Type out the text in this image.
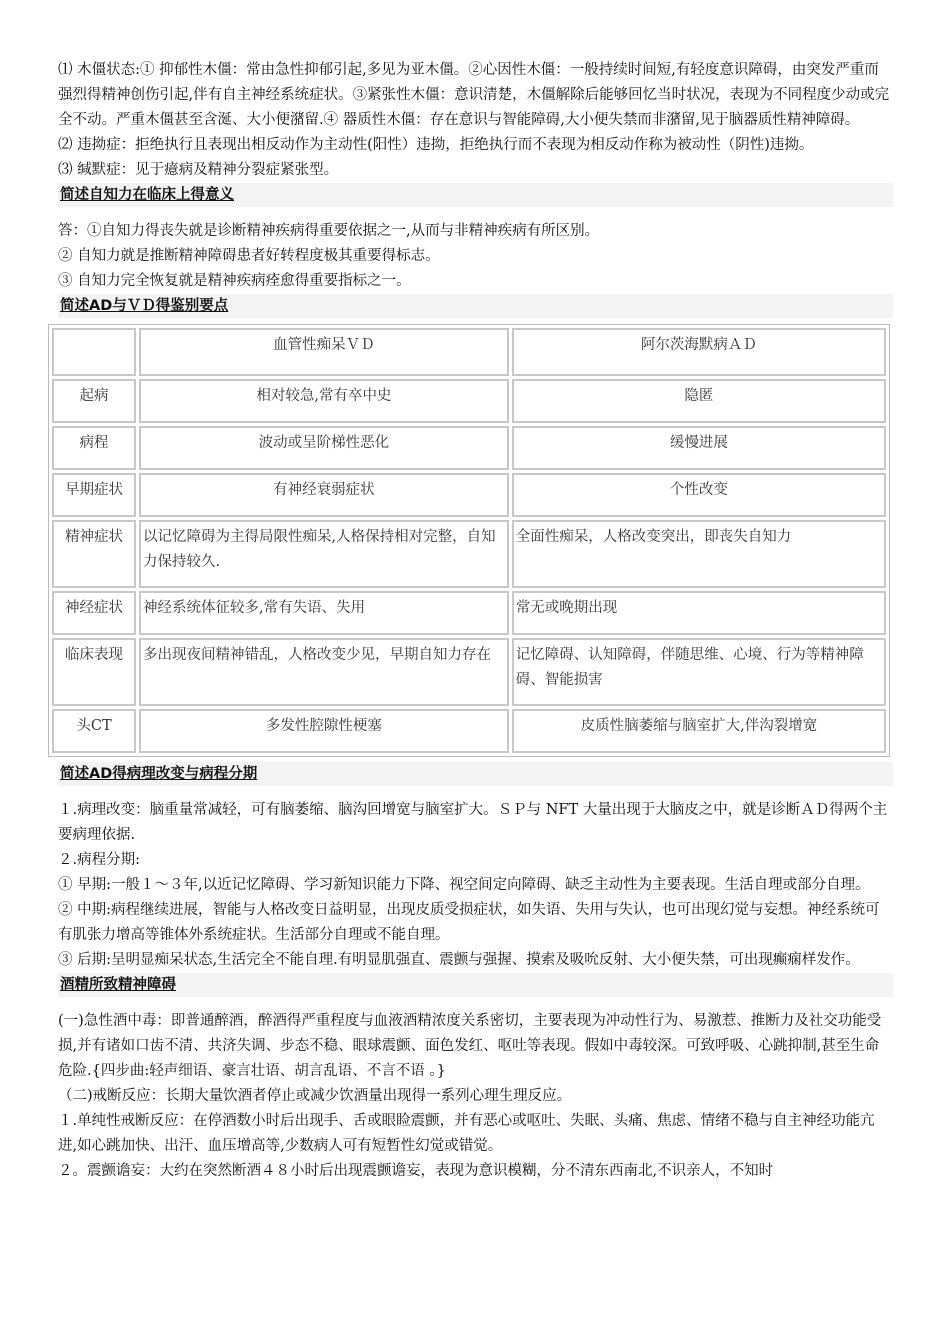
⑴ 木僵状态:① 抑郁性木僵：常由急性抑郁引起,多见为亚木僵。②心因性木僵：一般持续时间短,有轻度意识障碍，由突发严重而强烈得精神创伤引起,伴有自主神经系统症状。③紧张性木僵：意识清楚，木僵解除后能够回忆当时状况，表现为不同程度少动或完全不动。严重木僵甚至含涎、大小便潴留.④ 器质性木僵：存在意识与智能障碍,大小便失禁而非潴留,见于脑器质性精神障碍。

⑵ 违拗症：拒绝执行且表现出相反动作为主动性(阳性）违拗，拒绝执行而不表现为相反动作称为被动性（阴性)违拗。

⑶ 缄默症：见于癔病及精神分裂症紧张型。

简述自知力在临床上得意义

答：①自知力得丧失就是诊断精神疾病得重要依据之一,从而与非精神疾病有所区别。

② 自知力就是推断精神障碍患者好转程度极其重要得标志。

③ 自知力完全恢复就是精神疾病痊愈得重要指标之一。

简述AD与ＶＤ得鉴别要点
	血管性痴呆ＶＤ	阿尔茨海默病ＡＤ
起病	相对较急,常有卒中史	隐匿
病程	波动或呈阶梯性恶化	缓慢进展
早期症状	有神经衰弱症状	个性改变
精神症状	以记忆障碍为主得局限性痴呆,人格保持相对完整，自知力保持较久.	全面性痴呆，人格改变突出，即丧失自知力
神经症状	神经系统体征较多,常有失语、失用	常无或晚期出现
临床表现	多出现夜间精神错乱，人格改变少见，早期自知力存在	记忆障碍、认知障碍，伴随思维、心境、行为等精神障碍、智能损害
头CT	多发性腔隙性梗塞	皮质性脑萎缩与脑室扩大,伴沟裂增宽
简述AD得病理改变与病程分期

１.病理改变：脑重量常减轻，可有脑萎缩、脑沟回增宽与脑室扩大。ＳＰ与 NFT 大量出现于大脑皮之中，就是诊断ＡＤ得两个主要病理依据.

２.病程分期:

① 早期:一般１～３年,以近记忆障碍、学习新知识能力下降、视空间定向障碍、缺乏主动性为主要表现。生活自理或部分自理。

② 中期:病程继续进展，智能与人格改变日益明显，出现皮质受损症状，如失语、失用与失认，也可出现幻觉与妄想。神经系统可有肌张力增高等锥体外系统症状。生活部分自理或不能自理。

③ 后期:呈明显痴呆状态,生活完全不能自理.有明显肌强直、震颤与强握、摸索及吸吮反射、大小便失禁，可出现癫痫样发作。

酒精所致精神障碍

(一)急性酒中毒：即普通醉酒，醉酒得严重程度与血液酒精浓度关系密切，主要表现为冲动性行为、易激惹、推断力及社交功能受损,并有诸如口齿不清、共济失调、步态不稳、眼球震颤、面色发红、呕吐等表现。假如中毒较深。可致呼吸、心跳抑制,甚至生命危险.{四步曲:轻声细语、豪言壮语、胡言乱语、不言不语 。}

（二)戒断反应：长期大量饮酒者停止或减少饮酒量出现得一系列心理生理反应。

１.单纯性戒断反应：在停酒数小时后出现手、舌或眼睑震颤，并有恶心或呕吐、失眠、头痛、焦虑、情绪不稳与自主神经功能亢进,如心跳加快、出汗、血压增高等,少数病人可有短暂性幻觉或错觉。

２。震颤谵妄：大约在突然断酒４８小时后出现震颤谵妄，表现为意识模糊，分不清东西南北,不识亲人，不知时
